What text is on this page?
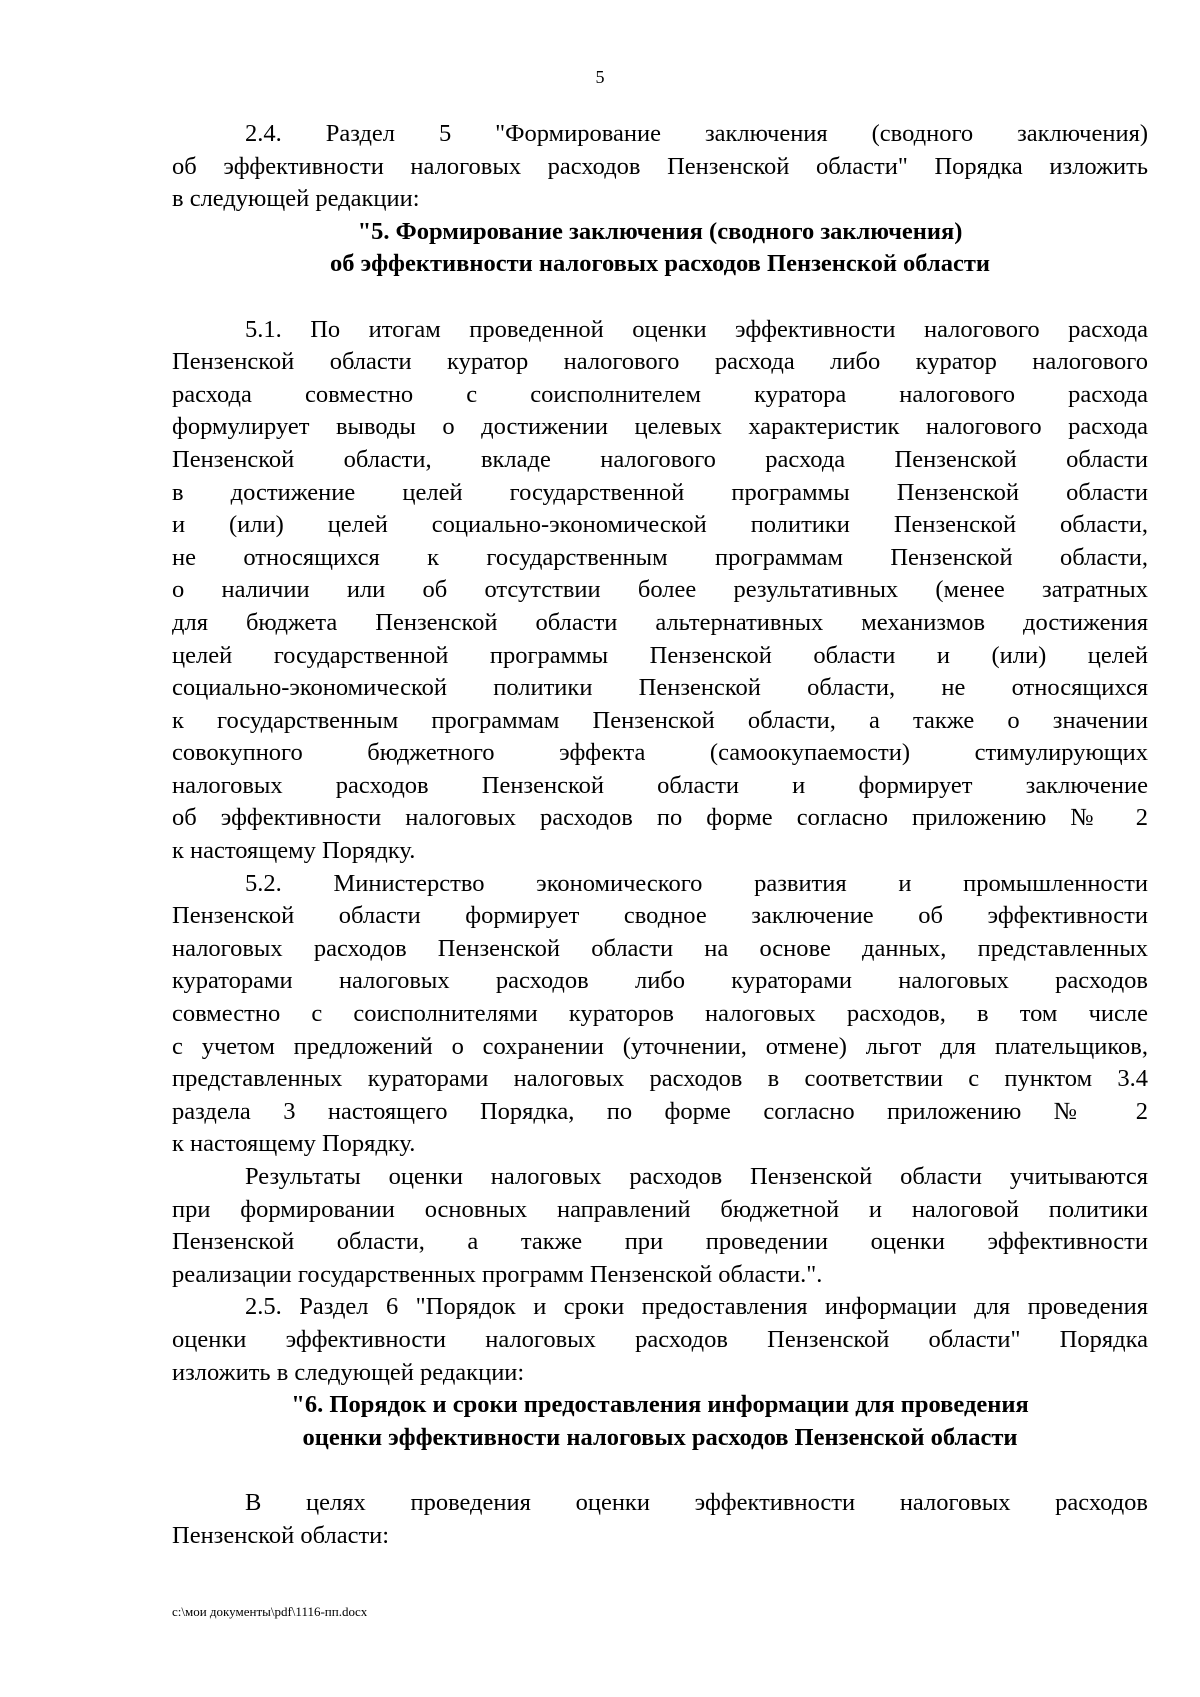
5
2.4. Раздел 5 "Формирование заключения (сводного заключения)
об эффективности налоговых расходов Пензенской области" Порядка изложить
в следующей редакции:
"5. Формирование заключения (сводного заключения)
об эффективности налоговых расходов Пензенской области
5.1. По итогам проведенной оценки эффективности налогового расхода
Пензенской области куратор налогового расхода либо куратор налогового
расхода совместно с соисполнителем куратора налогового расхода
формулирует выводы о достижении целевых характеристик налогового расхода
Пензенской области, вкладе налогового расхода Пензенской области
в достижение целей государственной программы Пензенской области
и (или) целей социально-экономической политики Пензенской области,
не относящихся к государственным программам Пензенской области,
о наличии или об отсутствии более результативных (менее затратных
для бюджета Пензенской области альтернативных механизмов достижения
целей государственной программы Пензенской области и (или) целей
социально-экономической политики Пензенской области, не относящихся
к государственным программам Пензенской области, а также о значении
совокупного бюджетного эффекта (самоокупаемости) стимулирующих
налоговых расходов Пензенской области и формирует заключение
об эффективности налоговых расходов по форме согласно приложению № 2
к настоящему Порядку.
5.2. Министерство экономического развития и промышленности
Пензенской области формирует сводное заключение об эффективности
налоговых расходов Пензенской области на основе данных, представленных
кураторами налоговых расходов либо кураторами налоговых расходов
совместно с соисполнителями кураторов налоговых расходов, в том числе
с учетом предложений о сохранении (уточнении, отмене) льгот для плательщиков,
представленных кураторами налоговых расходов в соответствии с пунктом 3.4
раздела 3 настоящего Порядка, по форме согласно приложению № 2
к настоящему Порядку.
Результаты оценки налоговых расходов Пензенской области учитываются
при формировании основных направлений бюджетной и налоговой политики
Пензенской области, а также при проведении оценки эффективности
реализации государственных программ Пензенской области.".
2.5. Раздел 6 "Порядок и сроки предоставления информации для проведения
оценки эффективности налоговых расходов Пензенской области" Порядка
изложить в следующей редакции:
"6. Порядок и сроки предоставления информации для проведения
оценки эффективности налоговых расходов Пензенской области
В целях проведения оценки эффективности налоговых расходов
Пензенской области:
c:\мои документы\pdf\1116-пп.docx
